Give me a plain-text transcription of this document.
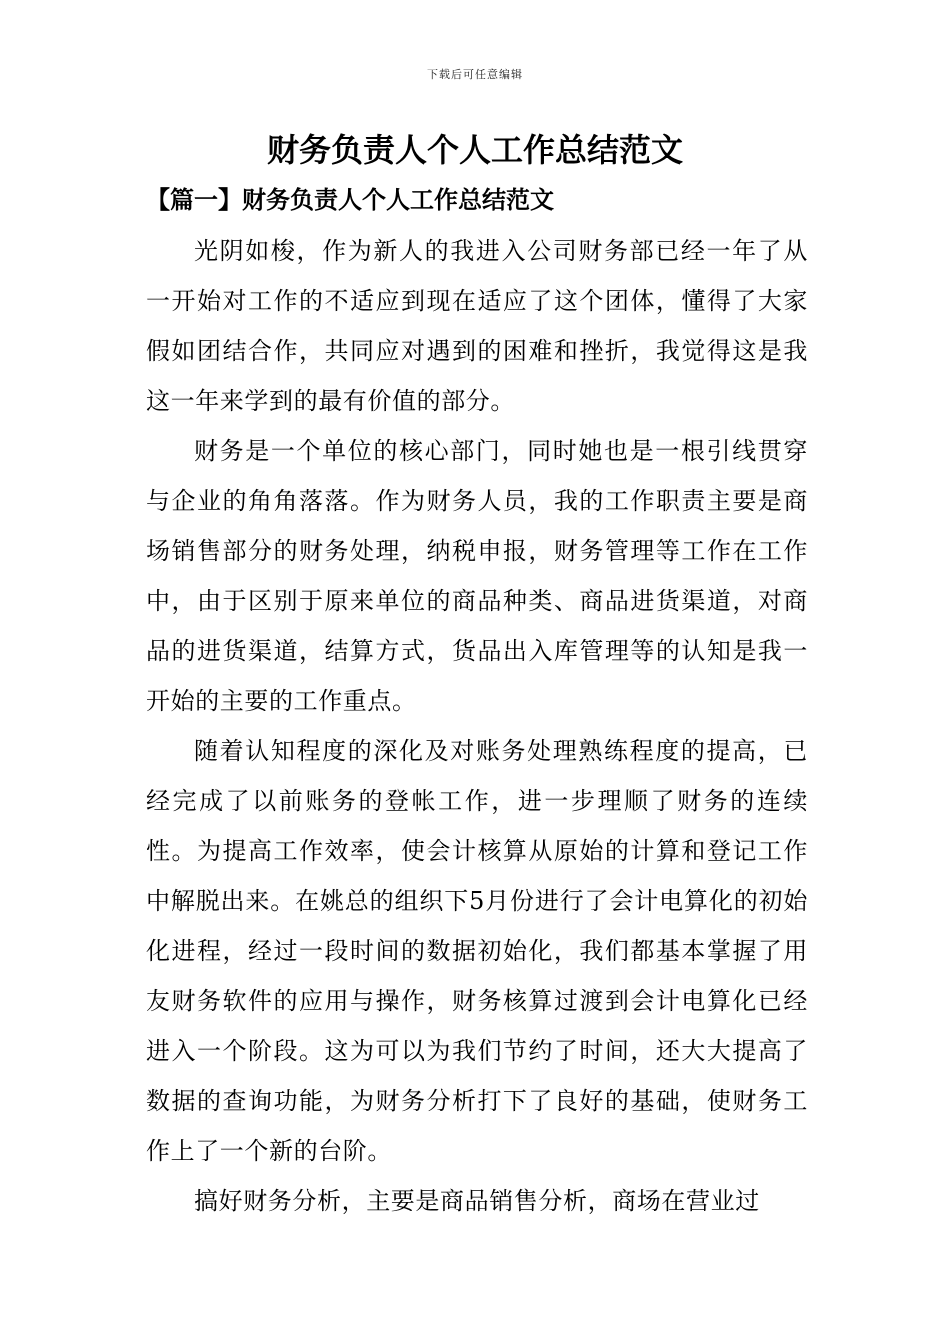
下载后可任意编辑
财务负责人个人工作总结范文
【篇一】财务负责人个人工作总结范文

光阴如梭，作为新人的我进入公司财务部已经一年了从一开始对工作的不适应到现在适应了这个团体，懂得了大家假如团结合作，共同应对遇到的困难和挫折，我觉得这是我这一年来学到的最有价值的部分。

财务是一个单位的核心部门，同时她也是一根引线贯穿与企业的角角落落。作为财务人员，我的工作职责主要是商场销售部分的财务处理，纳税申报，财务管理等工作在工作中，由于区别于原来单位的商品种类、商品进货渠道，对商品的进货渠道，结算方式，货品出入库管理等的认知是我一开始的主要的工作重点。

随着认知程度的深化及对账务处理熟练程度的提高，已经完成了以前账务的登帐工作，进一步理顺了财务的连续性。为提高工作效率，使会计核算从原始的计算和登记工作中解脱出来。在姚总的组织下5月份进行了会计电算化的初始化进程，经过一段时间的数据初始化，我们都基本掌握了用友财务软件的应用与操作，财务核算过渡到会计电算化已经进入一个阶段。这为可以为我们节约了时间，还大大提高了数据的查询功能，为财务分析打下了良好的基础，使财务工作上了一个新的台阶。

搞好财务分析，主要是商品销售分析，商场在营业过
